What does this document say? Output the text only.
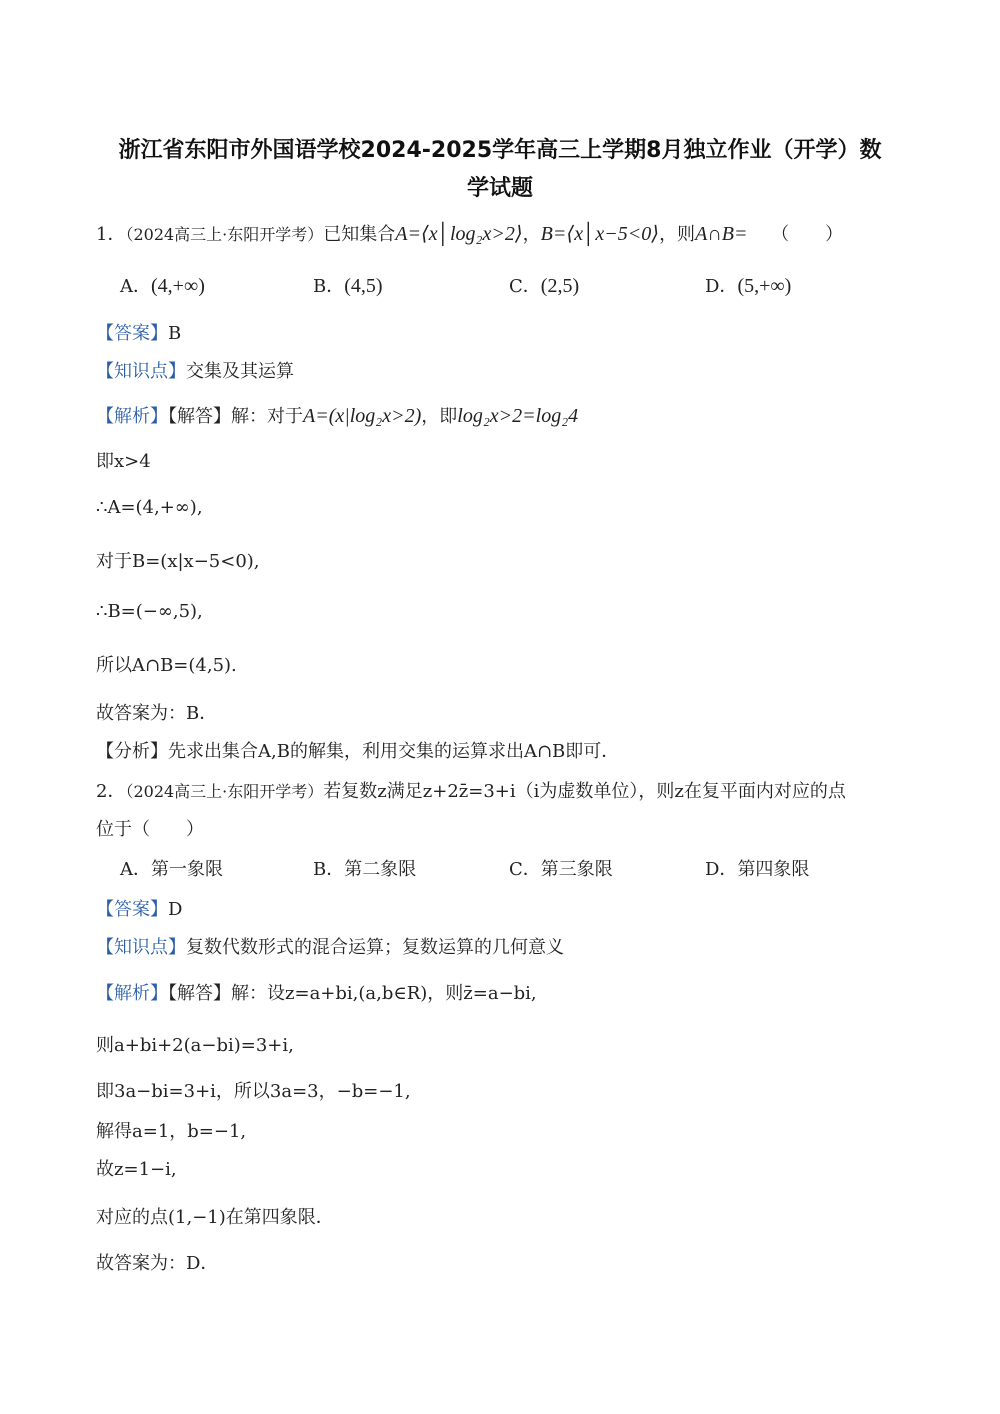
浙江省东阳市外国语学校2024-2025学年高三上学期8月独立作业（开学）数
学试题
1．（2024高三上·东阳开学考）已知集合A=⟨x│log₂x>2⟩，B=⟨x│x−5<0⟩，则A∩B= （　　）
A．(4,+∞)	B．(4,5)	C．(2,5)	D．(5,+∞)
【答案】B
【知识点】交集及其运算
【解析】【解答】解：对于A=(x|log₂x>2)，即log₂x>2=log₂4
即x>4
∴A=(4,+∞),
对于B=(x|x−5<0),
∴B=(−∞,5),
所以A∩B=(4,5).
故答案为：B．
【分析】先求出集合A,B的解集，利用交集的运算求出A∩B即可．
2．（2024高三上·东阳开学考）若复数z满足z+2z̄=3+i（i为虚数单位），则z在复平面内对应的点
位于（　　）
A．第一象限	B．第二象限	C．第三象限	D．第四象限
【答案】D
【知识点】复数代数形式的混合运算；复数运算的几何意义
【解析】【解答】解：设z=a+bi,(a,b∈R)，则z̄=a−bi,
则a+bi+2(a−bi)=3+i,
即3a−bi=3+i，所以3a=3，−b=−1,
解得a=1，b=−1,
故z=1−i,
对应的点(1,−1)在第四象限．
故答案为：D．
